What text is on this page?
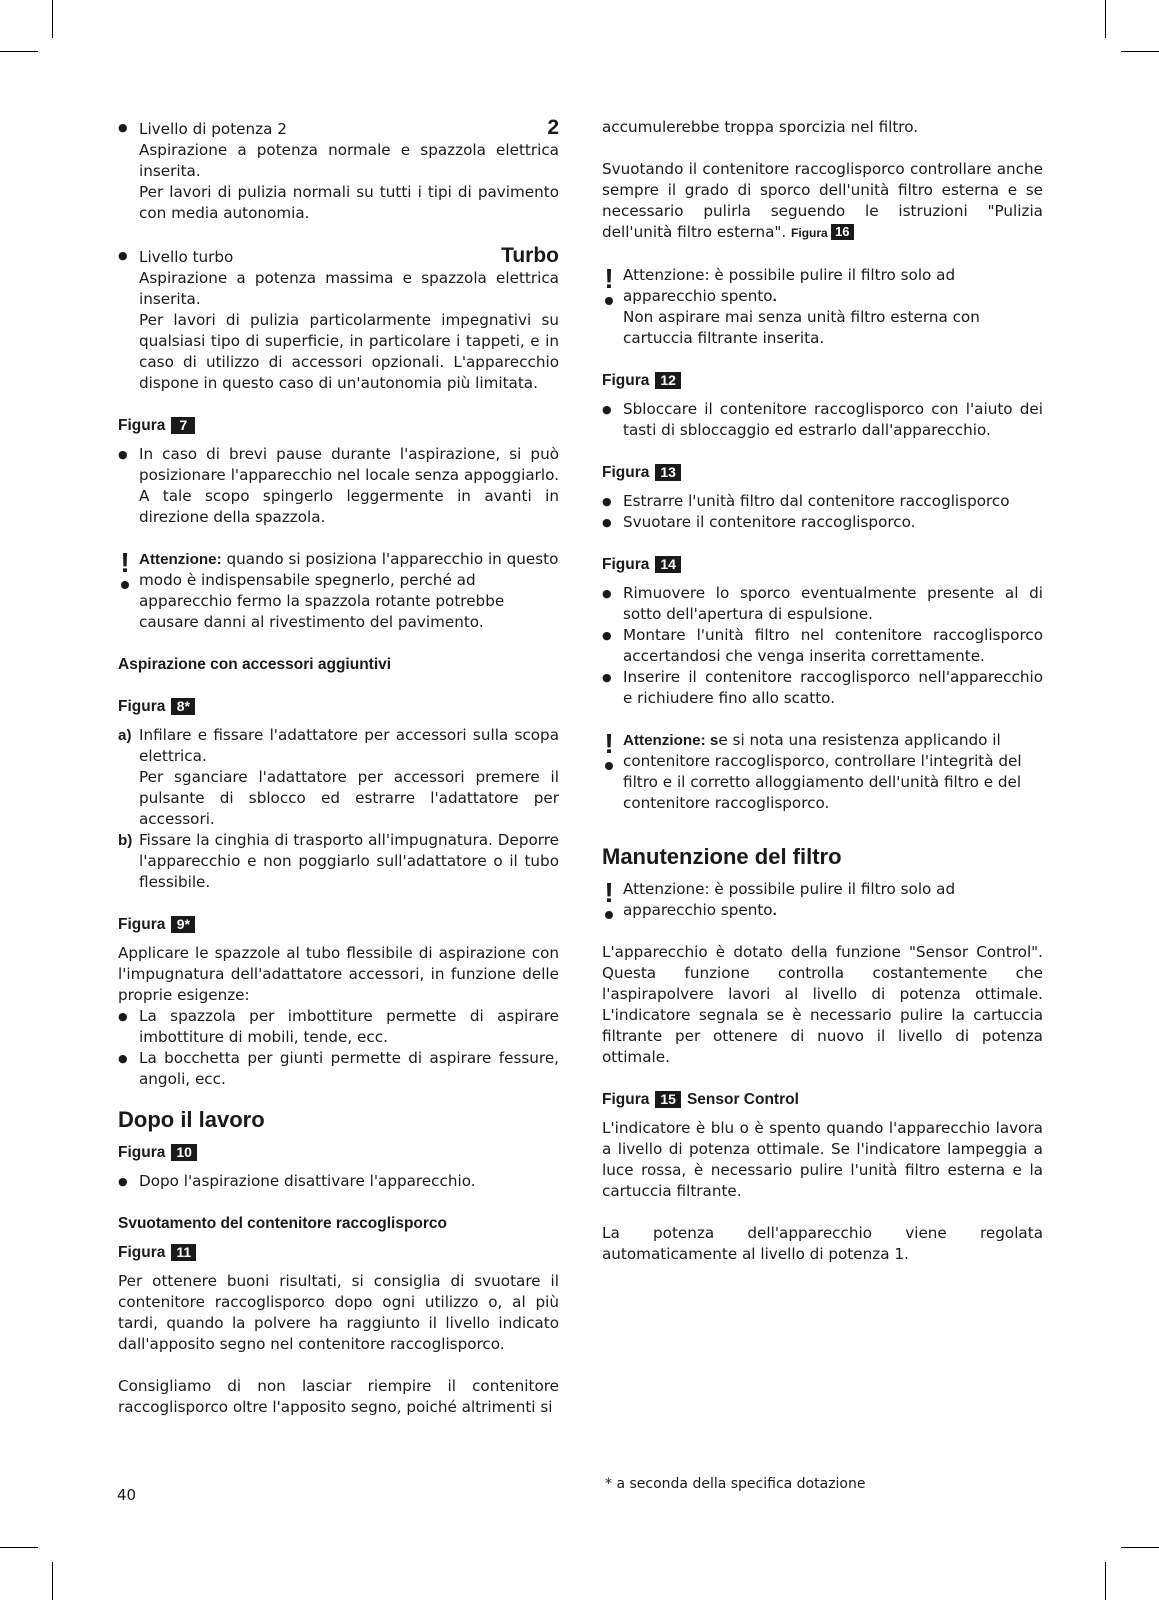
● Livello di potenza 2	2

Aspirazione a potenza normale e spazzola elettrica inserita.

Per lavori di pulizia normali su tutti i tipi di pavimento con media autonomia.

● Livello turbo	Turbo

Aspirazione a potenza massima e spazzola elettrica inserita.

Per lavori di pulizia particolarmente impegnativi su qualsiasi tipo di superficie, in particolare i tappeti, e in caso di utilizzo di accessori opzionali. L'apparecchio dispone in questo caso di un'autonomia più limitata.

Figura	7
● In caso di brevi pause durante l'aspirazione, si può posizionare l'apparecchio nel locale senza appoggiarlo. A tale scopo spingerlo leggermente in avanti in direzione della spazzola.
! Attenzione: quando si posiziona l'apparecchio in questo modo è indispensabile spegnerlo, perché ad apparecchio fermo la spazzola rotante potrebbe causare danni al rivestimento del pavimento.

Aspirazione con accessori aggiuntivi
Figura 8*
a) Infilare e fissare l'adattatore per accessori sulla scopa elettrica.

Per sganciare l'adattatore per accessori premere il pulsante di sblocco ed estrarre l'adattatore per accessori.

b) Fissare la cinghia di trasporto all'impugnatura. Deporre l'apparecchio e non poggiarlo sull'adattatore o il tubo flessibile.

Figura 9*

Applicare le spazzole al tubo flessibile di aspirazione con l'impugnatura dell'adattatore accessori, in funzione delle proprie esigenze:

● La spazzola per imbottiture permette di aspirare imbottiture di mobili, tende, ecc.
● La bocchetta per giunti permette di aspirare fessure, angoli, ecc.
Dopo il lavoro
Figura 10
● Dopo l'aspirazione disattivare l'apparecchio.
Svuotamento del contenitore raccoglisporco
Figura 11

Per ottenere buoni risultati, si consiglia di svuotare il contenitore raccoglisporco dopo ogni utilizzo o, al più tardi, quando la polvere ha raggiunto il livello indicato dall'apposito segno nel contenitore raccoglisporco.

Consigliamo di non lasciar riempire il contenitore raccoglisporco oltre l'apposito segno, poiché altrimenti si

accumulerebbe troppa sporcizia nel filtro.

Svuotando il contenitore raccoglisporco controllare anche sempre il grado di sporco dell'unità filtro esterna e se necessario pulirla seguendo le istruzioni "Pulizia dell'unità filtro esterna". Figura 16

! Attenzione: è possibile pulire il filtro solo ad apparecchio spento.

Non aspirare mai senza unità filtro esterna con cartuccia filtrante inserita.

Figura 12
● Sbloccare il contenitore raccoglisporco con l'aiuto dei tasti di sbloccaggio ed estrarlo dall'apparecchio.
Figura 13
● Estrarre l'unità filtro dal contenitore raccoglisporco
● Svuotare il contenitore raccoglisporco.
Figura 14
● Rimuovere lo sporco eventualmente presente al di sotto dell'apertura di espulsione.
● Montare l'unità filtro nel contenitore raccoglisporco accertandosi che venga inserita correttamente.
● Inserire il contenitore raccoglisporco nell'apparecchio e richiudere fino allo scatto.
! Attenzione: se si nota una resistenza applicando il contenitore raccoglisporco, controllare l'integrità del filtro e il corretto alloggiamento dell'unità filtro e del contenitore raccoglisporco.

Manutenzione del filtro
! Attenzione: è possibile pulire il filtro solo ad apparecchio spento.

L'apparecchio è dotato della funzione "Sensor Control". Questa funzione controlla costantemente che l'aspirapolvere lavori al livello di potenza ottimale. L'indicatore segnala se è necessario pulire la cartuccia filtrante per ottenere di nuovo il livello di potenza ottimale.

Figura 15 Sensor Control

L'indicatore è blu o è spento quando l'apparecchio lavora a livello di potenza ottimale. Se l'indicatore lampeggia a luce rossa, è necessario pulire l'unità filtro esterna e la cartuccia filtrante.

La potenza dell'apparecchio viene regolata automaticamente al livello di potenza 1.

* a seconda della specifica dotazione
40
